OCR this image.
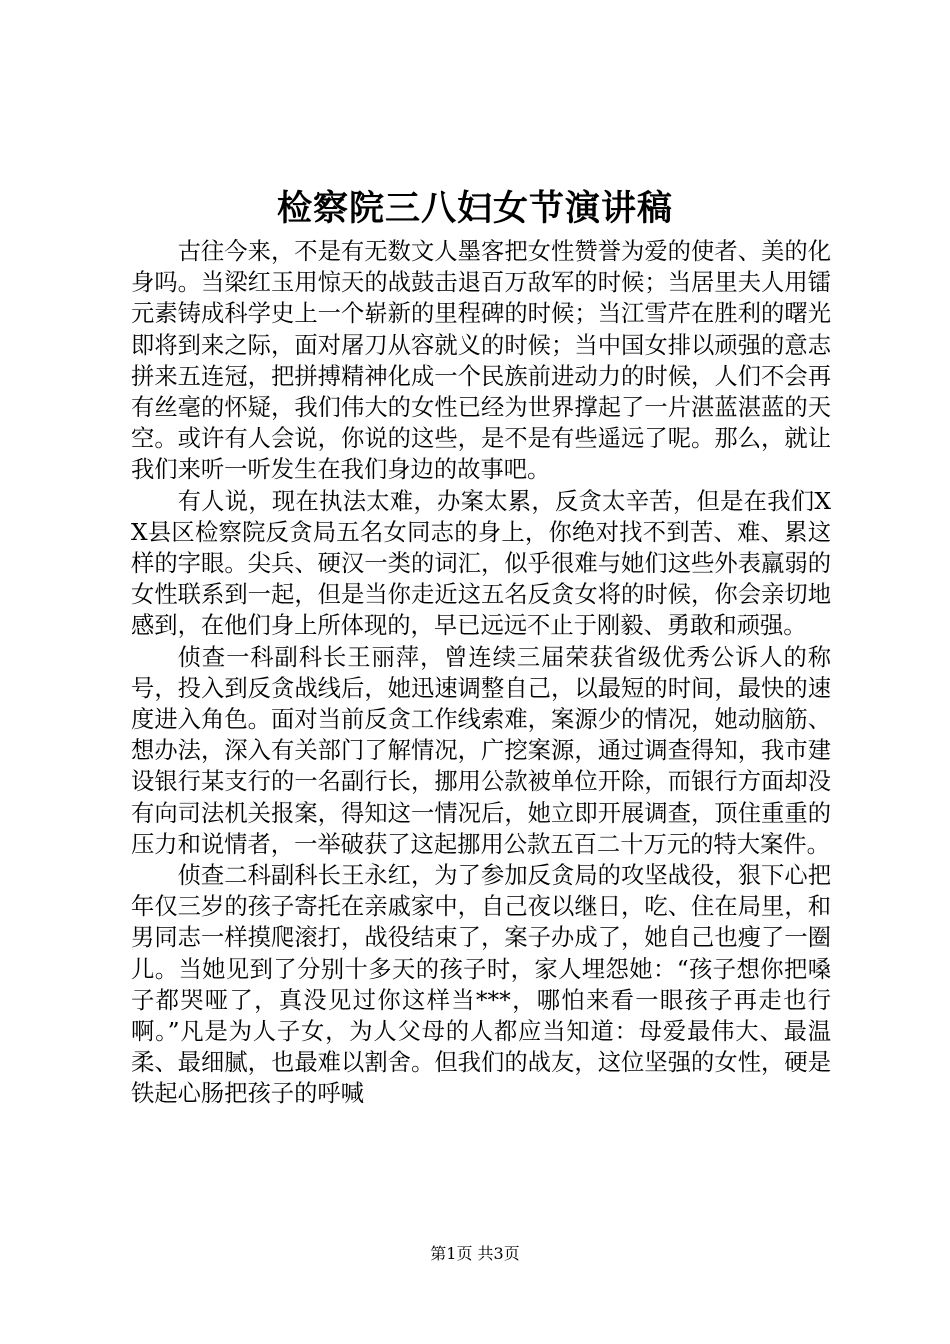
检察院三八妇女节演讲稿

古往今来，不是有无数文人墨客把女性赞誉为爱的使者、美的化身吗。当梁红玉用惊天的战鼓击退百万敌军的时候；当居里夫人用镭元素铸成科学史上一个崭新的里程碑的时候；当江雪芹在胜利的曙光即将到来之际，面对屠刀从容就义的时候；当中国女排以顽强的意志拼来五连冠，把拼搏精神化成一个民族前进动力的时候，人们不会再有丝毫的怀疑，我们伟大的女性已经为世界撑起了一片湛蓝湛蓝的天空。或许有人会说，你说的这些，是不是有些遥远了呢。那么，就让我们来听一听发生在我们身边的故事吧。

有人说，现在执法太难，办案太累，反贪太辛苦，但是在我们XX县区检察院反贪局五名女同志的身上，你绝对找不到苦、难、累这样的字眼。尖兵、硬汉一类的词汇，似乎很难与她们这些外表羸弱的女性联系到一起，但是当你走近这五名反贪女将的时候，你会亲切地感到，在他们身上所体现的，早已远远不止于刚毅、勇敢和顽强。

侦查一科副科长王丽萍，曾连续三届荣获省级优秀公诉人的称号，投入到反贪战线后，她迅速调整自己，以最短的时间，最快的速度进入角色。面对当前反贪工作线索难，案源少的情况，她动脑筋、想办法，深入有关部门了解情况，广挖案源，通过调查得知，我市建设银行某支行的一名副行长，挪用公款被单位开除，而银行方面却没有向司法机关报案，得知这一情况后，她立即开展调查，顶住重重的压力和说情者，一举破获了这起挪用公款五百二十万元的特大案件。

侦查二科副科长王永红，为了参加反贪局的攻坚战役，狠下心把年仅三岁的孩子寄托在亲戚家中，自己夜以继日，吃、住在局里，和男同志一样摸爬滚打，战役结束了，案子办成了，她自己也瘦了一圈儿。当她见到了分别十多天的孩子时，家人埋怨她：“孩子想你把嗓子都哭哑了，真没见过你这样当***，哪怕来看一眼孩子再走也行啊。”凡是为人子女，为人父母的人都应当知道：母爱最伟大、最温柔、最细腻，也最难以割舍。但我们的战友，这位坚强的女性，硬是铁起心肠把孩子的呼喊

第1页 共3页
